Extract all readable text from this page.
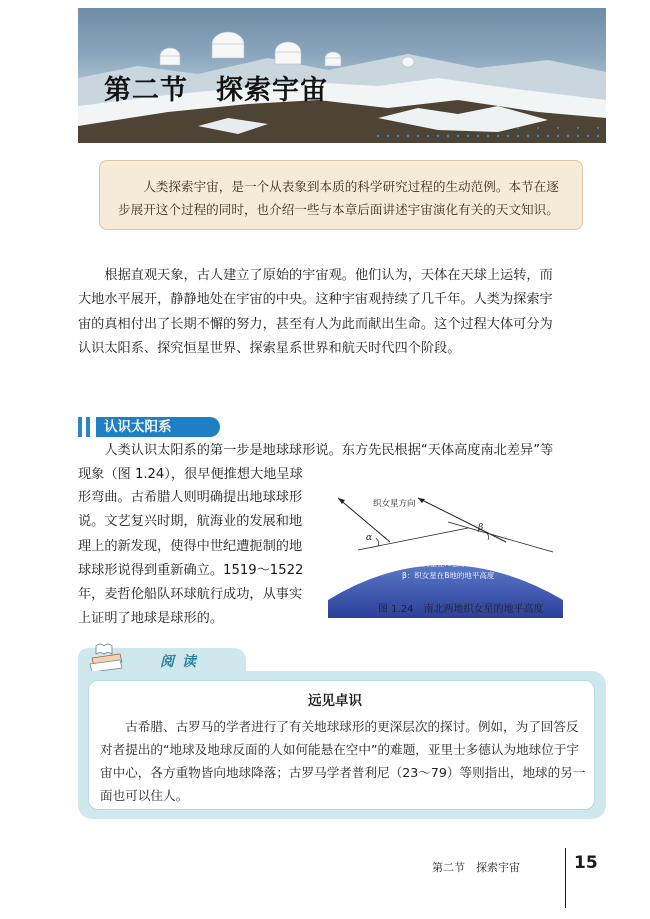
第二节　探索宇宙
人类探索宇宙，是一个从表象到本质的科学研究过程的生动范例。本节在逐步展开这个过程的同时，也介绍一些与本章后面讲述宇宙演化有关的天文知识。
根据直观天象，古人建立了原始的宇宙观。他们认为，天体在天球上运转，而大地水平展开，静静地处在宇宙的中央。这种宇宙观持续了几千年。人类为探索宇宙的真相付出了长期不懈的努力，甚至有人为此而献出生命。这个过程大体可分为认识太阳系、探究恒星世界、探索星系世界和航天时代四个阶段。
认识太阳系
人类认识太阳系的第一步是地球球形说。东方先民根据“天体高度南北差异”等现象（图 1.24），很早便推想大地呈球
形弯曲。古希腊人则明确提出地球球形说。文艺复兴时期，航海业的发展和地理上的新发现，使得中世纪遭扼制的地球球形说得到重新确立。1519～1522年，麦哲伦船队环球航行成功，从事实上证明了地球是球形的。
织女星方向
α
β
A	B
α：织女星在A地的地平高度
β：织女星在B地的地平高度
图 1.24　南北两地织女星的地平高度
阅读
远见卓识
古希腊、古罗马的学者进行了有关地球球形的更深层次的探讨。例如，为了回答反对者提出的“地球及地球反面的人如何能悬在空中”的难题，亚里士多德认为地球位于宇宙中心，各方重物皆向地球降落；古罗马学者普利尼（23～79）等则指出，地球的另一面也可以住人。
第二节　探索宇宙	15
